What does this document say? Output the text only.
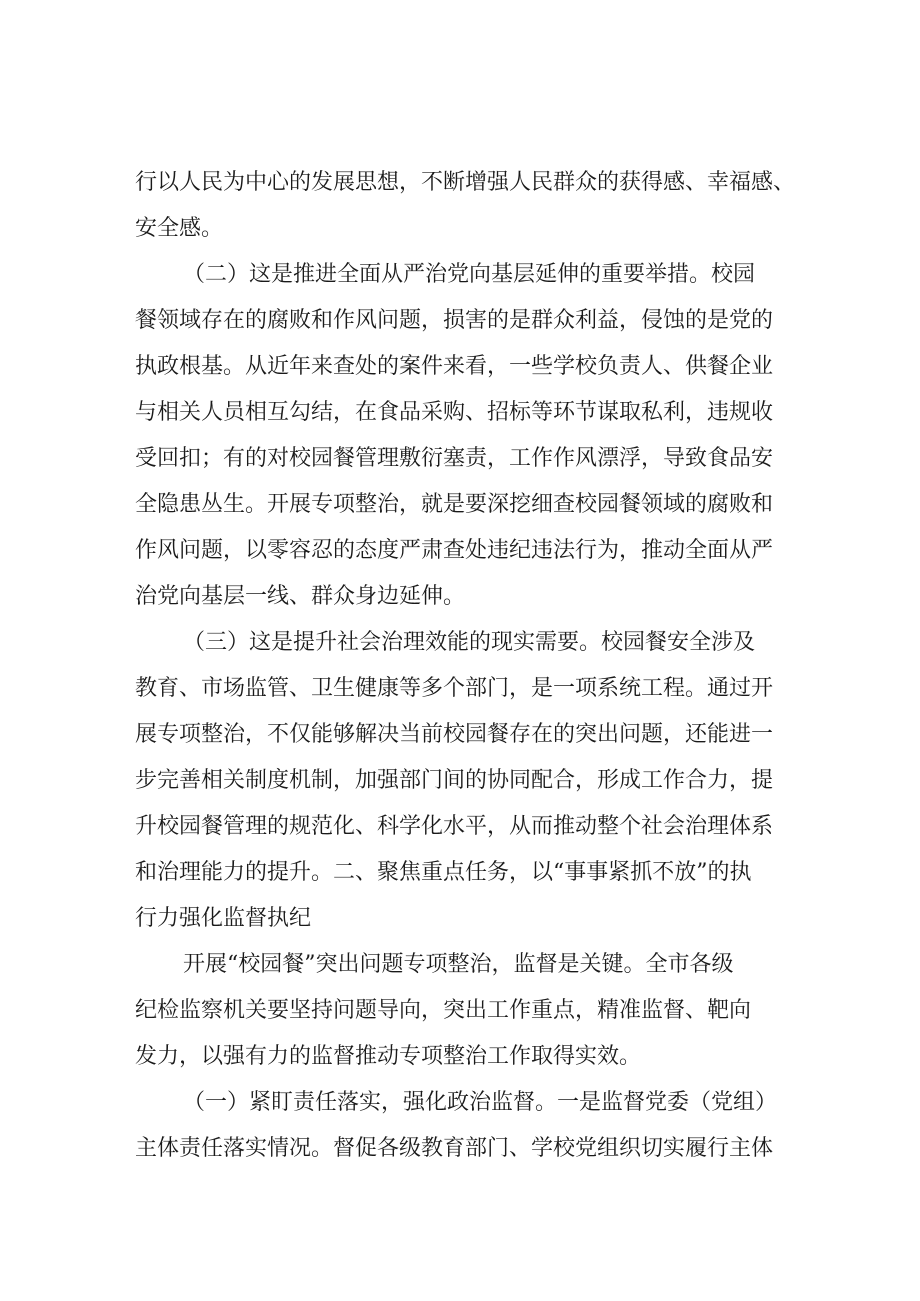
行以人民为中心的发展思想，不断增强人民群众的获得感、幸福感、
安全感。
（二）这是推进全面从严治党向基层延伸的重要举措。校园
餐领域存在的腐败和作风问题，损害的是群众利益，侵蚀的是党的
执政根基。从近年来查处的案件来看，一些学校负责人、供餐企业
与相关人员相互勾结，在食品采购、招标等环节谋取私利，违规收
受回扣；有的对校园餐管理敷衍塞责，工作作风漂浮，导致食品安
全隐患丛生。开展专项整治，就是要深挖细查校园餐领域的腐败和
作风问题，以零容忍的态度严肃查处违纪违法行为，推动全面从严
治党向基层一线、群众身边延伸。
（三）这是提升社会治理效能的现实需要。校园餐安全涉及
教育、市场监管、卫生健康等多个部门，是一项系统工程。通过开
展专项整治，不仅能够解决当前校园餐存在的突出问题，还能进一
步完善相关制度机制，加强部门间的协同配合，形成工作合力，提
升校园餐管理的规范化、科学化水平，从而推动整个社会治理体系
和治理能力的提升。二、聚焦重点任务，以“事事紧抓不放”的执
行力强化监督执纪
开展“校园餐”突出问题专项整治，监督是关键。全市各级
纪检监察机关要坚持问题导向，突出工作重点，精准监督、靶向
发力，以强有力的监督推动专项整治工作取得实效。
（一）紧盯责任落实，强化政治监督。一是监督党委（党组）
主体责任落实情况。督促各级教育部门、学校党组织切实履行主体
